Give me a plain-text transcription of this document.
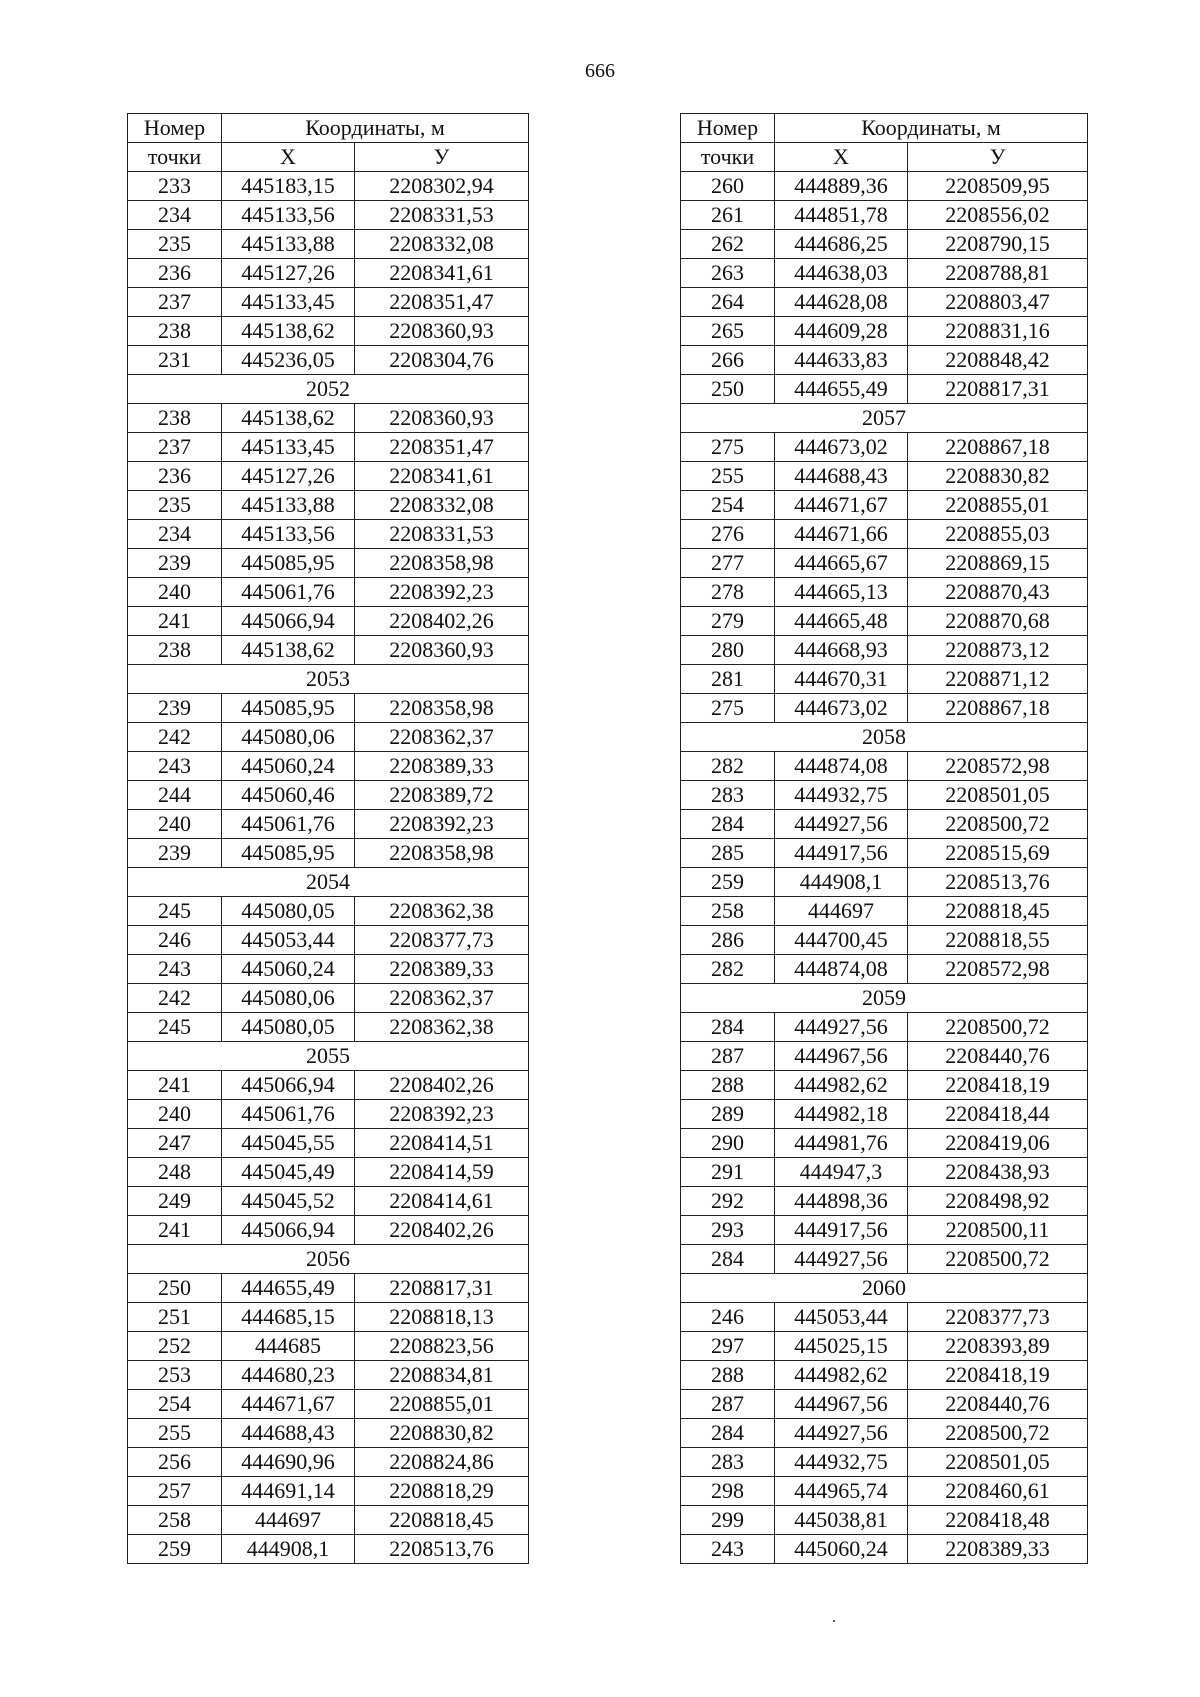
666
Номер	Координаты, м	
точки	X	У
233	445183,15	2208302,94
234	445133,56	2208331,53
235	445133,88	2208332,08
236	445127,26	2208341,61
237	445133,45	2208351,47
238	445138,62	2208360,93
231	445236,05	2208304,76
2052		
238	445138,62	2208360,93
237	445133,45	2208351,47
236	445127,26	2208341,61
235	445133,88	2208332,08
234	445133,56	2208331,53
239	445085,95	2208358,98
240	445061,76	2208392,23
241	445066,94	2208402,26
238	445138,62	2208360,93
2053		
239	445085,95	2208358,98
242	445080,06	2208362,37
243	445060,24	2208389,33
244	445060,46	2208389,72
240	445061,76	2208392,23
239	445085,95	2208358,98
2054		
245	445080,05	2208362,38
246	445053,44	2208377,73
243	445060,24	2208389,33
242	445080,06	2208362,37
245	445080,05	2208362,38
2055		
241	445066,94	2208402,26
240	445061,76	2208392,23
247	445045,55	2208414,51
248	445045,49	2208414,59
249	445045,52	2208414,61
241	445066,94	2208402,26
2056		
250	444655,49	2208817,31
251	444685,15	2208818,13
252	444685	2208823,56
253	444680,23	2208834,81
254	444671,67	2208855,01
255	444688,43	2208830,82
256	444690,96	2208824,86
257	444691,14	2208818,29
258	444697	2208818,45
259	444908,1	2208513,76
Номер	Координаты, м	
точки	X	У
260	444889,36	2208509,95
261	444851,78	2208556,02
262	444686,25	2208790,15
263	444638,03	2208788,81
264	444628,08	2208803,47
265	444609,28	2208831,16
266	444633,83	2208848,42
250	444655,49	2208817,31
2057		
275	444673,02	2208867,18
255	444688,43	2208830,82
254	444671,67	2208855,01
276	444671,66	2208855,03
277	444665,67	2208869,15
278	444665,13	2208870,43
279	444665,48	2208870,68
280	444668,93	2208873,12
281	444670,31	2208871,12
275	444673,02	2208867,18
2058		
282	444874,08	2208572,98
283	444932,75	2208501,05
284	444927,56	2208500,72
285	444917,56	2208515,69
259	444908,1	2208513,76
258	444697	2208818,45
286	444700,45	2208818,55
282	444874,08	2208572,98
2059		
284	444927,56	2208500,72
287	444967,56	2208440,76
288	444982,62	2208418,19
289	444982,18	2208418,44
290	444981,76	2208419,06
291	444947,3	2208438,93
292	444898,36	2208498,92
293	444917,56	2208500,11
284	444927,56	2208500,72
2060		
246	445053,44	2208377,73
297	445025,15	2208393,89
288	444982,62	2208418,19
287	444967,56	2208440,76
284	444927,56	2208500,72
283	444932,75	2208501,05
298	444965,74	2208460,61
299	445038,81	2208418,48
243	445060,24	2208389,33
